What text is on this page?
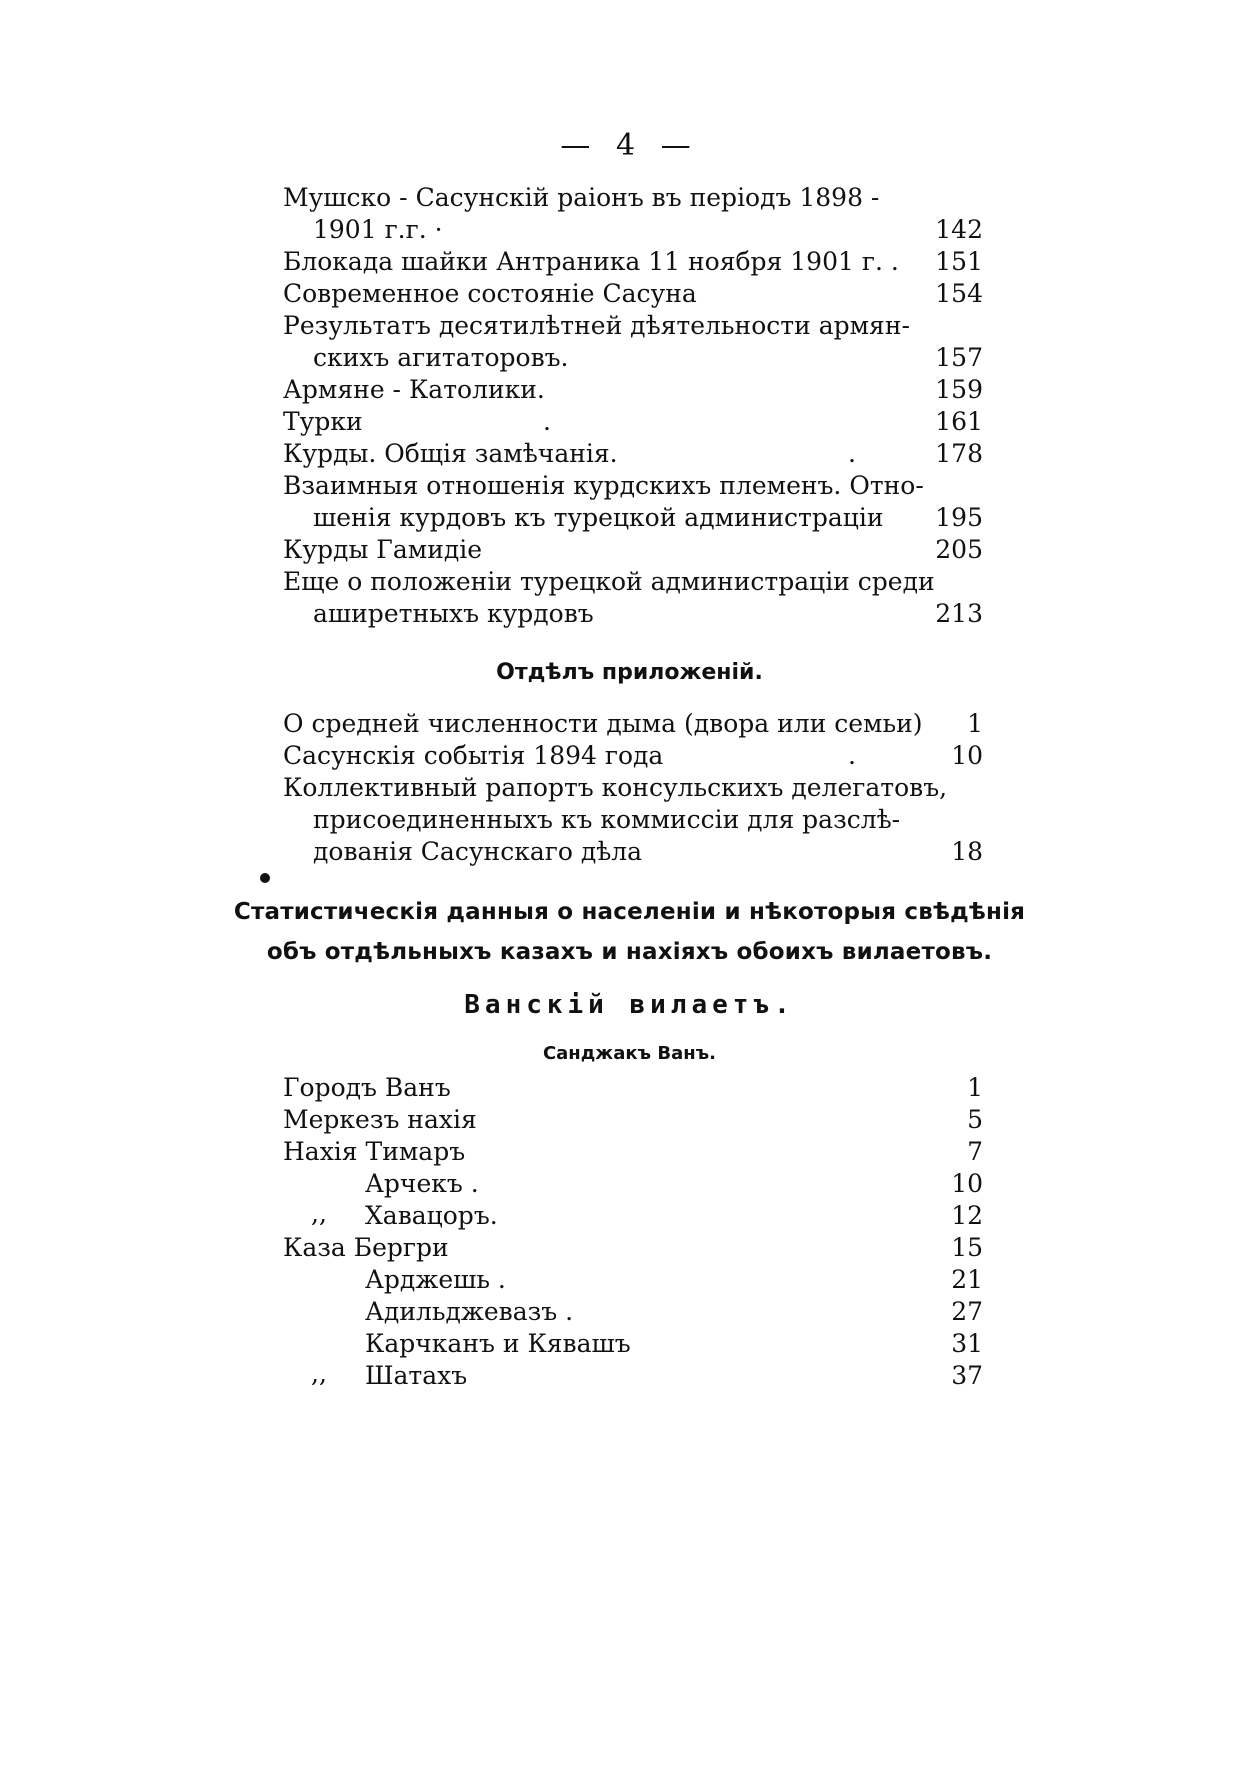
— 4 —
Мушско - Сасунскій раіонъ въ періодъ 1898 -
1901 г.г. ·	142
Блокада шайки Антраника 11 ноября 1901 г. .	151
Современное состояніе Сасуна	154
Результатъ десятилѣтней дѣятельности армян-
скихъ агитаторовъ.	157
Армяне - Католики.	159
Турки	.	161
Курды. Общія замѣчанія.	.	178
Взаимныя отношенія курдскихъ племенъ. Отно-
шенія курдовъ къ турецкой администраціи	195
Курды Гамидіе	205
Еще о положеніи турецкой администраціи среди
аширетныхъ курдовъ	213
Отдѣлъ приложеній.
О средней численности дыма (двора или семьи)	1
Сасунскія событія 1894 года	.	10
Коллективный рапортъ консульскихъ делегатовъ,
присоединенныхъ къ коммиссіи для разслѣ-
дованія Сасунскаго дѣла	18
Статистическія данныя о населеніи и нѣкоторыя свѣдѣнія
объ отдѣльныхъ казахъ и нахіяхъ обоихъ вилаетовъ.
Ванскій вилаетъ.
Санджакъ Ванъ.
Городъ Ванъ	1
Меркезъ нахія	5
Нахія Тимаръ	7
Арчекъ .	10
,, Хавацоръ.	12
Каза Бергри	15
Арджешь .	21
Адильджевазъ .	27
Карчканъ и Кявашъ	31
,, Шатахъ	37
